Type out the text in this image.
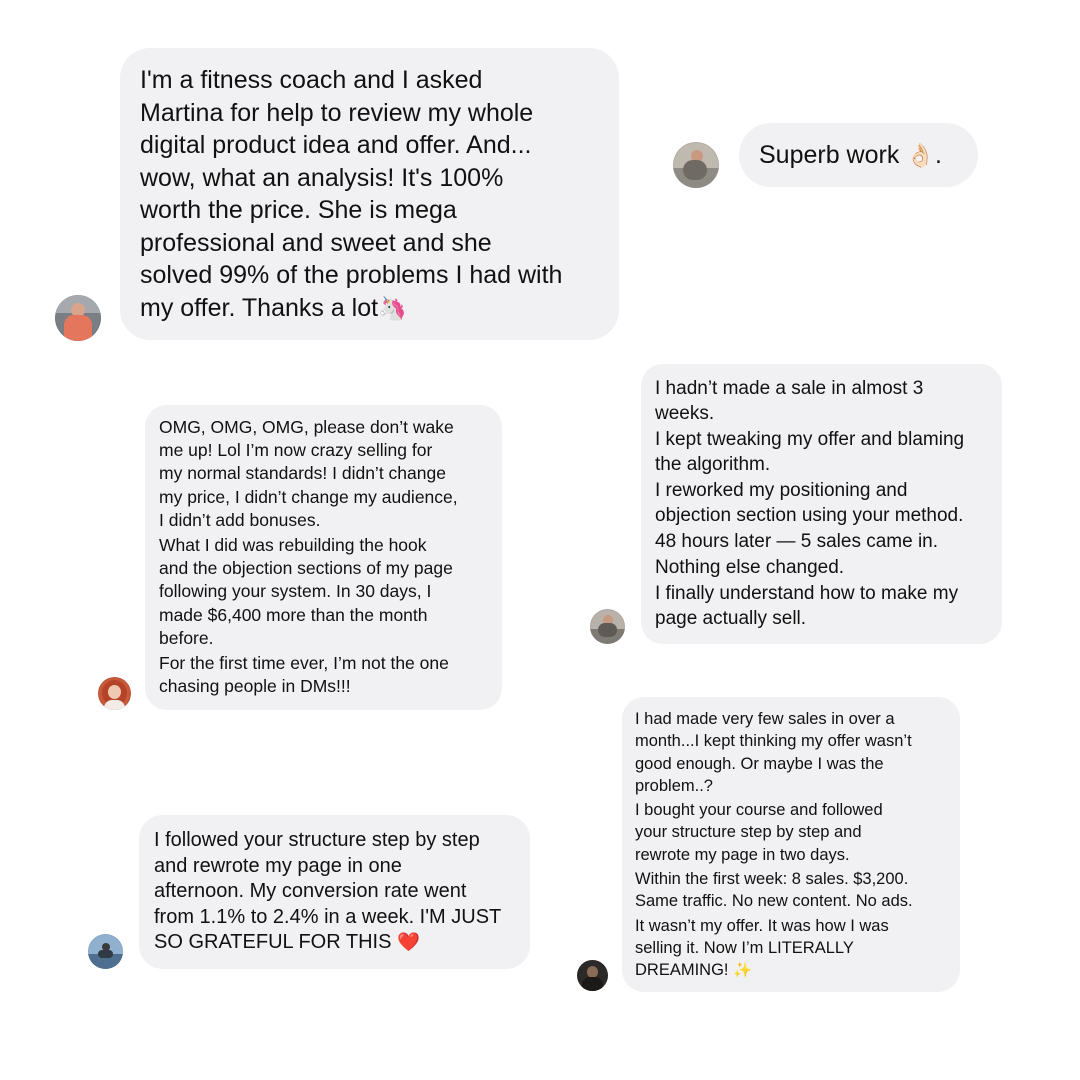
I'm a fitness coach and I asked
Martina for help to review my whole
digital product idea and offer. And...
wow, what an analysis! It's 100%
worth the price. She is mega
professional and sweet and she
solved 99% of the problems I had with
my offer. Thanks a lot🦄
Superb work 👌🏻.
I hadn’t made a sale in almost 3
weeks.
I kept tweaking my offer and blaming
the algorithm.
I reworked my positioning and
objection section using your method.
48 hours later — 5 sales came in.
Nothing else changed.
I finally understand how to make my
page actually sell.
OMG, OMG, OMG, please don’t wake
me up! Lol I’m now crazy selling for
my normal standards! I didn’t change
my price, I didn’t change my audience,
I didn’t add bonuses.
What I did was rebuilding the hook
and the objection sections of my page
following your system. In 30 days, I
made $6,400 more than the month
before.
For the first time ever, I’m not the one
chasing people in DMs!!!
I had made very few sales in over a
month...I kept thinking my offer wasn’t
good enough. Or maybe I was the
problem..?
I bought your course and followed
your structure step by step and
rewrote my page in two days.
Within the first week: 8 sales. $3,200.
Same traffic. No new content. No ads.
It wasn’t my offer. It was how I was
selling it. Now I’m LITERALLY
DREAMING! ✨
I followed your structure step by step
and rewrote my page in one
afternoon. My conversion rate went
from 1.1% to 2.4% in a week. I'M JUST
SO GRATEFUL FOR THIS ❤️
